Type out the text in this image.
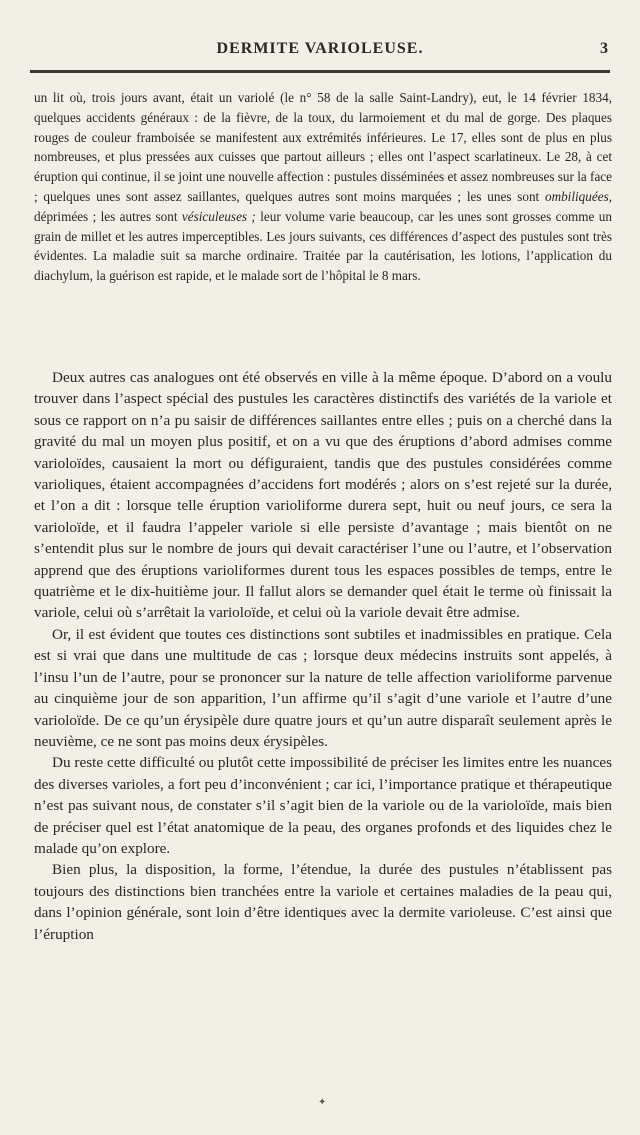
DERMITE VARIOLEUSE.	3

un lit où, trois jours avant, était un variolé (le n° 58 de la salle Saint-Landry), eut, le 14 février 1834, quelques accidents généraux : de la fièvre, de la toux, du larmoiement et du mal de gorge. Des plaques rouges de couleur framboisée se manifestent aux extrémités inférieures. Le 17, elles sont de plus en plus nombreuses, et plus pressées aux cuisses que partout ailleurs ; elles ont l’aspect scarlatineux. Le 28, à cet éruption qui continue, il se joint une nouvelle affection : pustules disséminées et assez nombreuses sur la face ; quelques unes sont assez saillantes, quelques autres sont moins marquées ; les unes sont ombiliquées, déprimées ; les autres sont vésiculeuses ; leur volume varie beaucoup, car les unes sont grosses comme un grain de millet et les autres imperceptibles. Les jours suivants, ces différences d’aspect des pustules sont très évidentes. La maladie suit sa marche ordinaire. Traitée par la cautérisation, les lotions, l’application du diachylum, la guérison est rapide, et le malade sort de l’hôpital le 8 mars.

Deux autres cas analogues ont été observés en ville à la même époque. D’abord on a voulu trouver dans l’aspect spécial des pustules les caractères distinctifs des variétés de la variole et sous ce rapport on n’a pu saisir de différences saillantes entre elles ; puis on a cherché dans la gravité du mal un moyen plus positif, et on a vu que des éruptions d’abord admises comme varioloïdes, causaient la mort ou défiguraient, tandis que des pustules considérées comme varioliques, étaient accompagnées d’accidens fort modérés ; alors on s’est rejeté sur la durée, et l’on a dit : lorsque telle éruption varioliforme durera sept, huit ou neuf jours, ce sera la varioloïde, et il faudra l’appeler variole si elle persiste d’avantage ; mais bientôt on ne s’entendit plus sur le nombre de jours qui devait caractériser l’une ou l’autre, et l’observation apprend que des éruptions varioliformes durent tous les espaces possibles de temps, entre le quatrième et le dix-huitième jour. Il fallut alors se demander quel était le terme où finissait la variole, celui où s’arrêtait la varioloïde, et celui où la variole devait être admise.

Or, il est évident que toutes ces distinctions sont subtiles et inadmissibles en pratique. Cela est si vrai que dans une multitude de cas ; lorsque deux médecins instruits sont appelés, à l’insu l’un de l’autre, pour se prononcer sur la nature de telle affection varioliforme parvenue au cinquième jour de son apparition, l’un affirme qu’il s’agit d’une variole et l’autre d’une varioloïde. De ce qu’un érysipèle dure quatre jours et qu’un autre disparaît seulement après le neuvième, ce ne sont pas moins deux érysipèles.

Du reste cette difficulté ou plutôt cette impossibilité de préciser les limites entre les nuances des diverses varioles, a fort peu d’inconvénient ; car ici, l’importance pratique et thérapeutique n’est pas suivant nous, de constater s’il s’agit bien de la variole ou de la varioloïde, mais bien de préciser quel est l’état anatomique de la peau, des organes profonds et des liquides chez le malade qu’on explore.

Bien plus, la disposition, la forme, l’étendue, la durée des pustules n’établissent pas toujours des distinctions bien tranchées entre la variole et certaines maladies de la peau qui, dans l’opinion générale, sont loin d’être identiques avec la dermite varioleuse. C’est ainsi que l’éruption

✦
